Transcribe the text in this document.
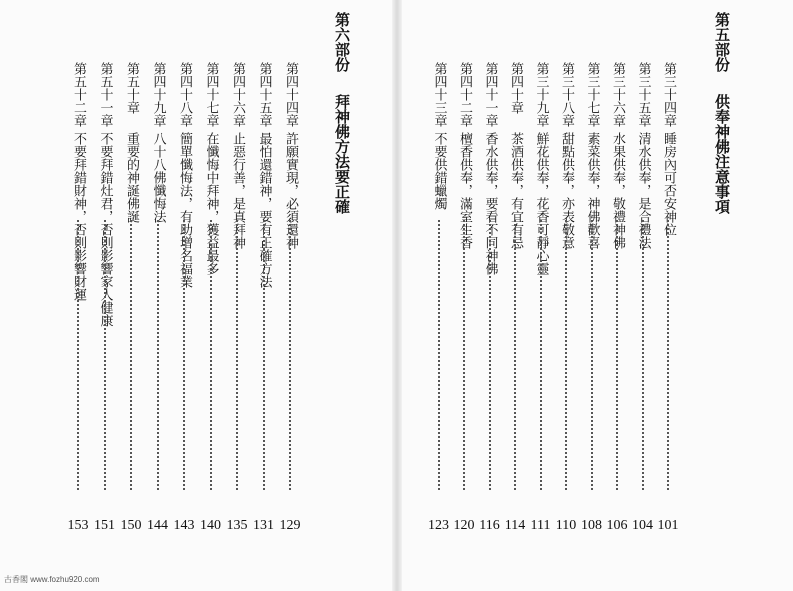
第四十四章
許願實現，必須還神
129
第四十五章
最怕還錯神，要有正確方法
131
第四十六章
止惡行善，是真拜神
135
第四十七章
在懺悔中拜神，獲益最多
140
第四十八章
簡單懺悔法，有助增名福業
143
第四十九章
八十八佛懺悔法
144
第五十章
重要的神誕佛誕
150
第五十一章
不要拜錯灶君，否則影響家人健康
151
第五十二章
不要拜錯財神，否則影響財運
153
第六部份
拜神佛方法要正確	第三十四章
睡房內可否安神位
101
第三十五章
清水供奉，是合禮法
104
第三十六章
水果供奉，敬禮神佛
106
第三十七章
素菜供奉，神佛歡喜
108
第三十八章
甜點供奉，亦表敬意
110
第三十九章
鮮花供奉，花香可靜心靈
111
第四十章
茶酒供奉，有宜有忌
114
第四十一章
香水供奉，要看不同神佛
116
第四十二章
檀香供奉，滿室生香
120
第四十三章
不要供錯蠟燭
123
第五部份
供奉神佛注意事項
古香閣 www.fozhu920.com
